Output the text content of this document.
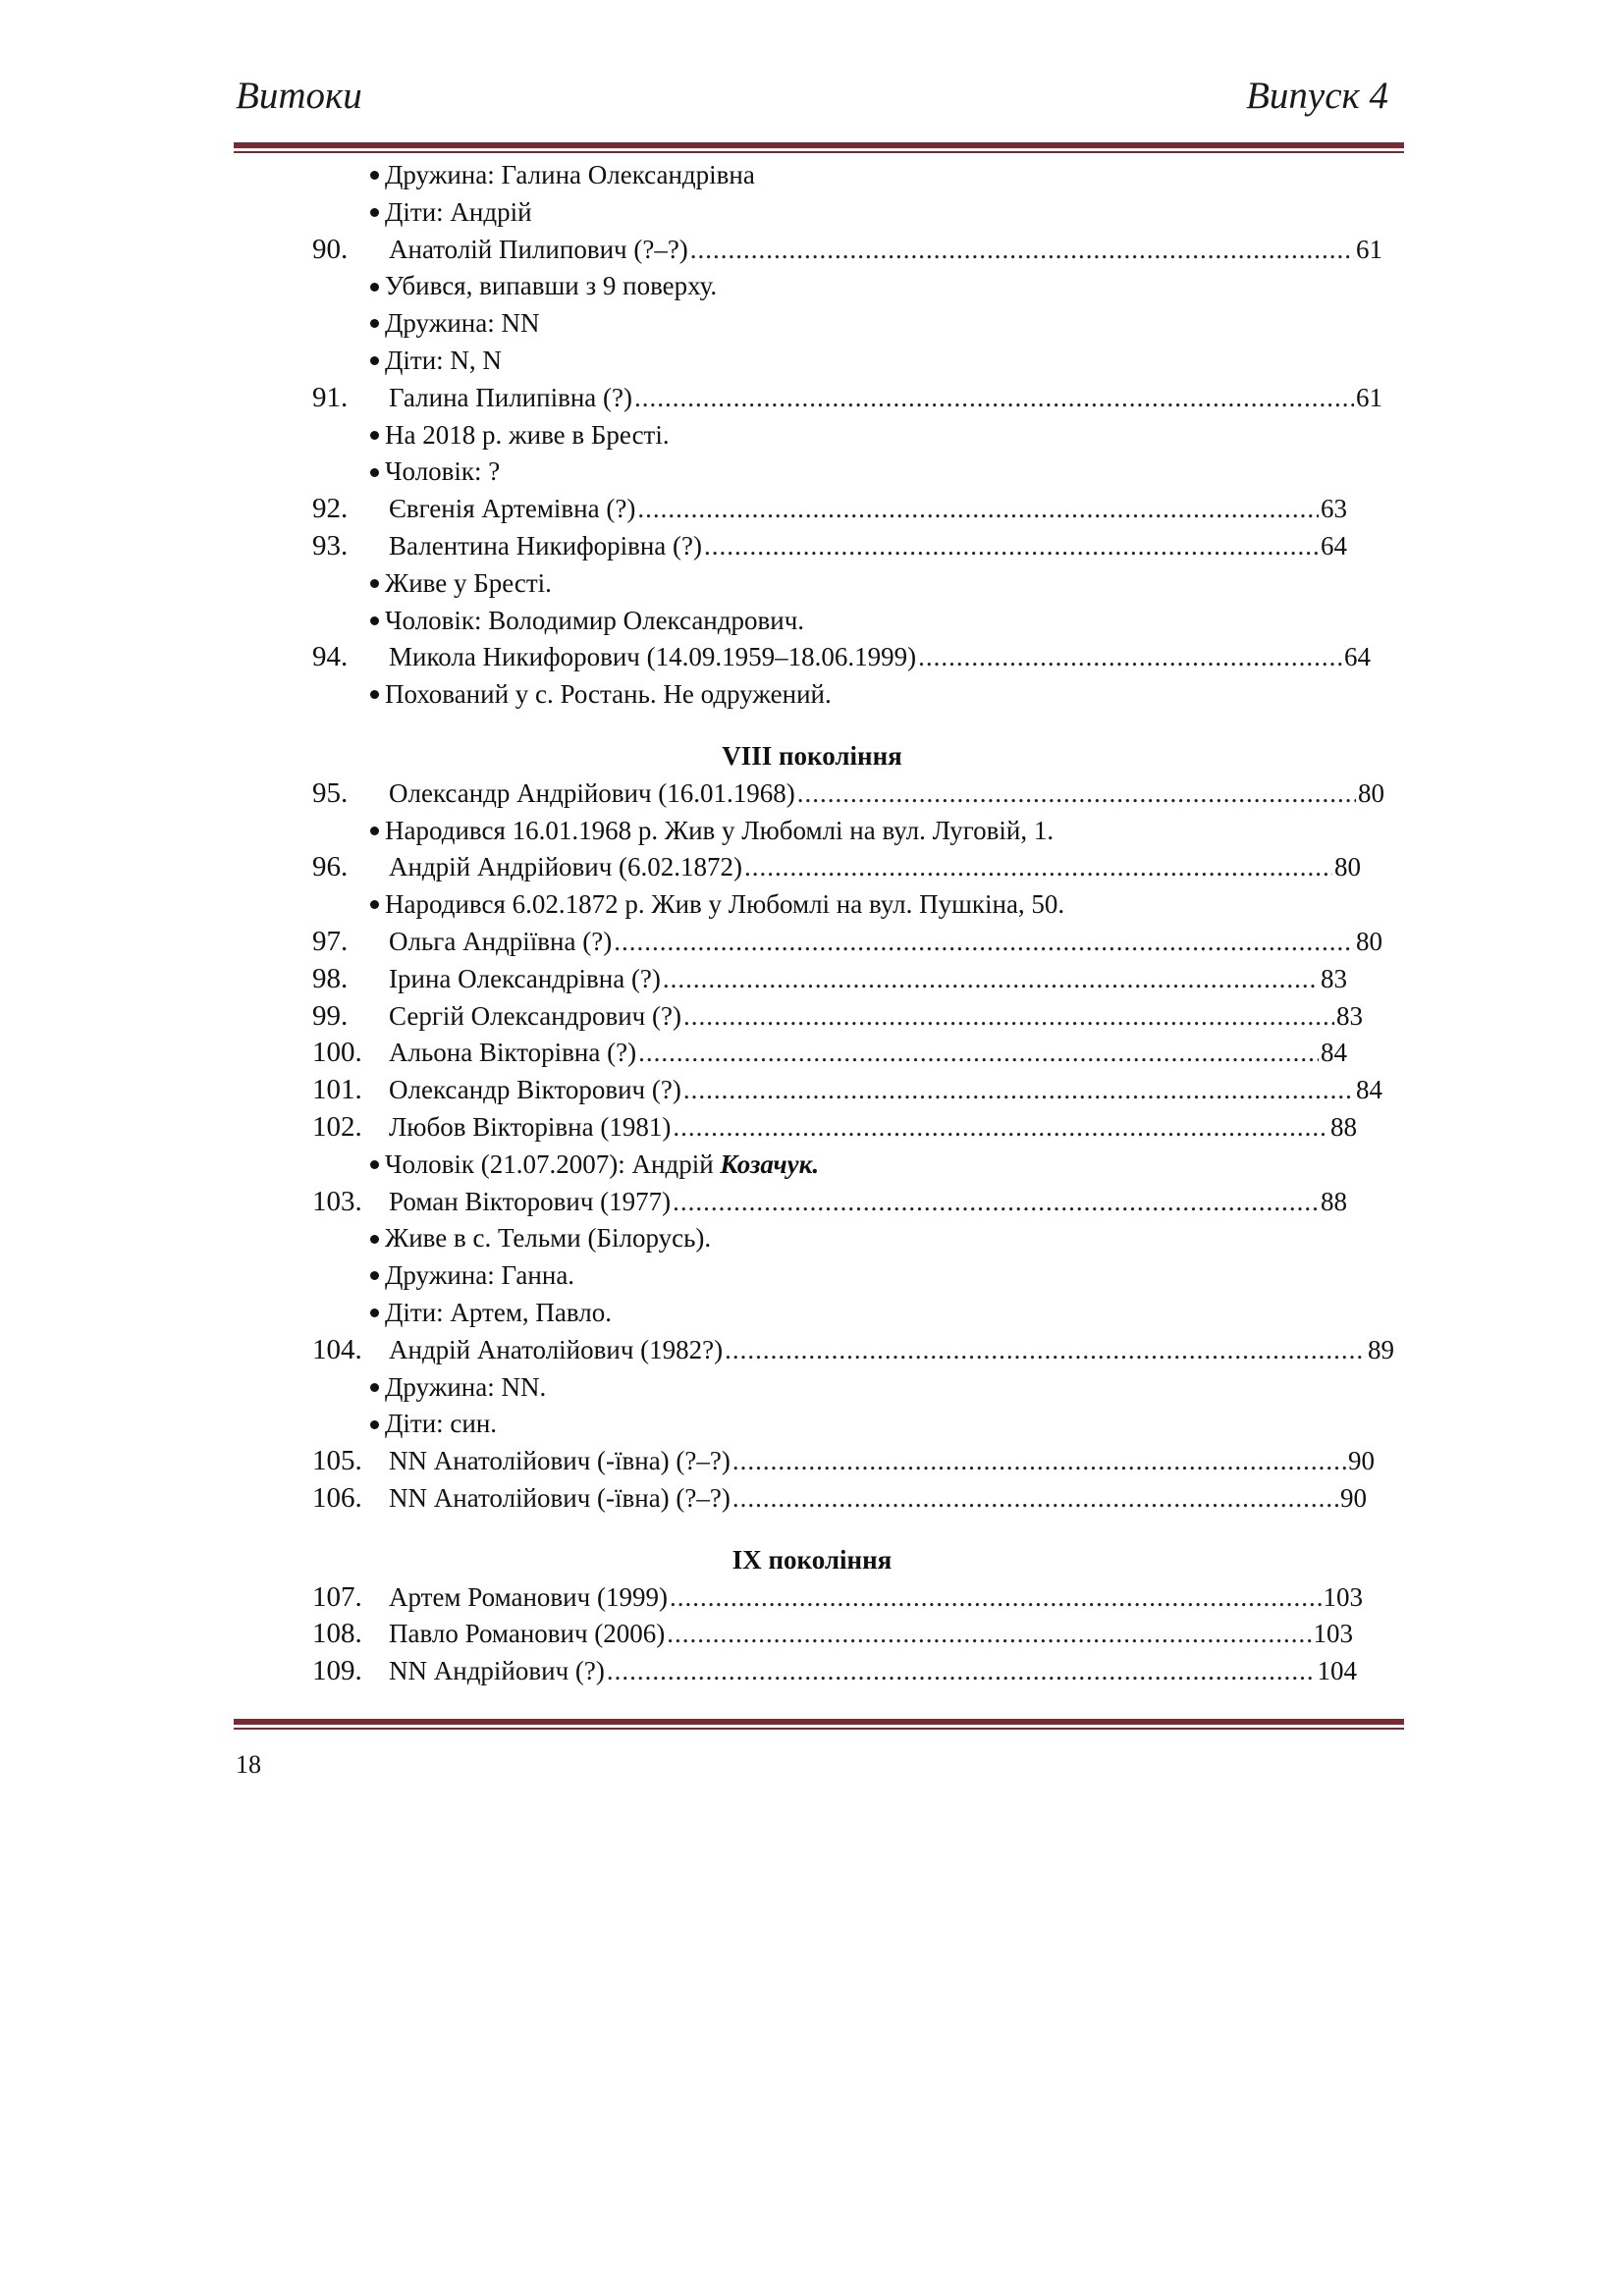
Витоки	Випуск 4
Дружина: Галина Олександрівна
Діти: Андрій
90. Анатолій Пилипович (?–?) .....	61
Убився, випавши з 9 поверху.
Дружина: NN
Діти: N, N
91. Галина Пилипівна (?) .....	61
На 2018 р. живе в Бресті.
Чоловік: ?
92. Євгенія Артемівна (?) .....	63
93. Валентина Никифорівна (?) .....	64
Живе у Бресті.
Чоловік: Володимир Олександрович.
94. Микола Никифорович (14.09.1959–18.06.1999) .....	64
Похований у с. Ростань. Не одружений.
VIII покоління
95. Олександр Андрійович (16.01.1968) .....	80
Народився 16.01.1968 р. Жив у Любомлі на вул. Луговій, 1.
96. Андрій Андрійович (6.02.1872) .....	80
Народився 6.02.1872 р. Жив у Любомлі на вул. Пушкіна, 50.
97. Ольга Андріївна (?) .....	80
98. Ірина Олександрівна (?) .....	83
99. Сергій Олександрович (?) .....	83
100. Альона Вікторівна (?) .....	84
101. Олександр Вікторович (?) .....	84
102. Любов Вікторівна (1981) .....	88
Чоловік (21.07.2007): Андрій Козачук.
103. Роман Вікторович (1977) .....	88
Живе в с. Тельми (Білорусь).
Дружина: Ганна.
Діти: Артем, Павло.
104. Андрій Анатолійович (1982?) .....	89
Дружина: NN.
Діти: син.
105. NN Анатолійович (-ївна) (?–?) .....	90
106. NN Анатолійович (-ївна) (?–?) .....	90
IX покоління
107. Артем Романович (1999) .....	103
108. Павло Романович (2006) .....	103
109. NN Андрійович (?) .....	104
18
